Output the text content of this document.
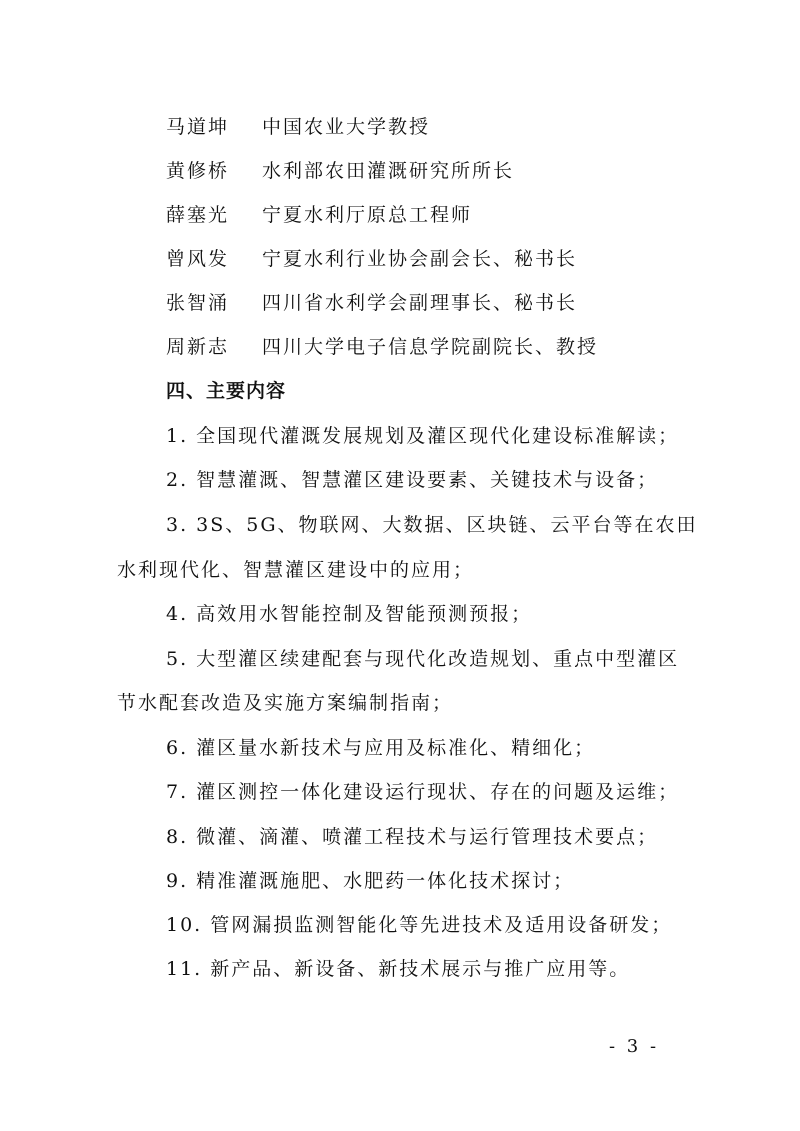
马道坤 中国农业大学教授
黄修桥 水利部农田灌溉研究所所长
薛塞光 宁夏水利厅原总工程师
曾风发 宁夏水利行业协会副会长、秘书长
张智涌 四川省水利学会副理事长、秘书长
周新志 四川大学电子信息学院副院长、教授
四、主要内容
1. 全国现代灌溉发展规划及灌区现代化建设标准解读；
2. 智慧灌溉、智慧灌区建设要素、关键技术与设备；
3. 3S、5G、物联网、大数据、区块链、云平台等在农田
水利现代化、智慧灌区建设中的应用；
4. 高效用水智能控制及智能预测预报；
5. 大型灌区续建配套与现代化改造规划、重点中型灌区
节水配套改造及实施方案编制指南；
6. 灌区量水新技术与应用及标准化、精细化；
7. 灌区测控一体化建设运行现状、存在的问题及运维；
8. 微灌、滴灌、喷灌工程技术与运行管理技术要点；
9. 精准灌溉施肥、水肥药一体化技术探讨；
10. 管网漏损监测智能化等先进技术及适用设备研发；
11. 新产品、新设备、新技术展示与推广应用等。
- 3 -
